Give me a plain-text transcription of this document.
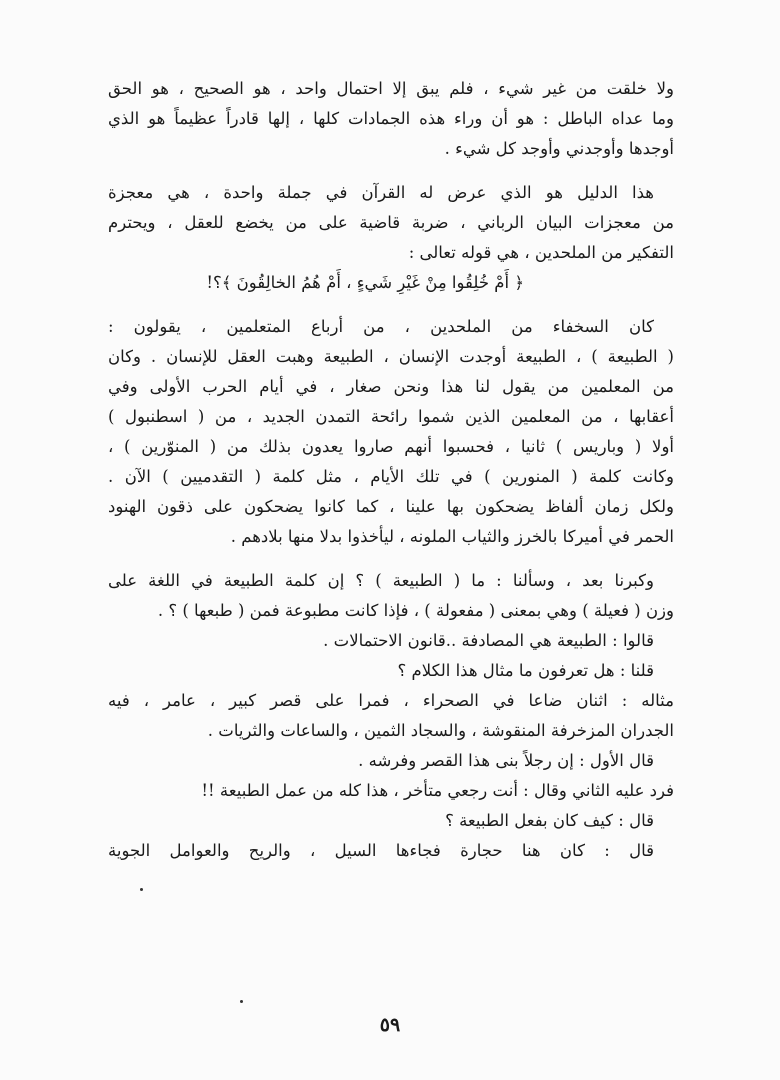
ولا خلقت من غير شيء ، فلم يبق إلا احتمال واحد ، هو الصحيح ، هو الحق
وما عداه الباطل : هو أن وراء هذه الجمادات كلها ، إلها قادراً عظيماً هو الذي
أوجدها وأوجدني وأوجد كل شيء .
هذا الدليل هو الذي عرض له القرآن في جملة واحدة ، هي معجزة
من معجزات البيان الرباني ، ضربة قاضية على من يخضع للعقل ، ويحترم
التفكير من الملحدين ، هي قوله تعالى :
﴿ أَمْ خُلِقُوا مِنْ غَيْرِ شَيءٍ ، أَمْ هُمُ الخالِقُونَ ﴾؟!
كان السخفاء من الملحدين ، من أرباع المتعلمين ، يقولون :
( الطبيعة ) ، الطبيعة أوجدت الإنسان ، الطبيعة وهبت العقل للإنسان . وكان
من المعلمين من يقول لنا هذا ونحن صغار ، في أيام الحرب الأولى وفي
أعقابها ، من المعلمين الذين شموا رائحة التمدن الجديد ، من ( اسطنبول )
أولا ( وباريس ) ثانيا ، فحسبوا أنهم صاروا يعدون بذلك من ( المنوّرين ) ،
وكانت كلمة ( المنورين ) في تلك الأيام ، مثل كلمة ( التقدميين ) الآن .
ولكل زمان ألفاظ يضحكون بها علينا ، كما كانوا يضحكون على ذقون الهنود
الحمر في أميركا بالخرز والثياب الملونه ، ليأخذوا بدلا منها بلادهم .
وكبرنا بعد ، وسألنا : ما ( الطبيعة ) ؟ إن كلمة الطبيعة في اللغة على
وزن ( فعيلة ) وهي بمعنى ( مفعولة ) ، فإذا كانت مطبوعة فمن ( طبعها ) ؟ .
قالوا : الطبيعة هي المصادفة ..قانون الاحتمالات .
قلنا : هل تعرفون ما مثال هذا الكلام ؟
مثاله : اثنان ضاعا في الصحراء ، فمرا على قصر كبير ، عامر ، فيه
الجدران المزخرفة المنقوشة ، والسجاد الثمين ، والساعات والثريات .
قال الأول : إن رجلاً بنى هذا القصر وفرشه .
فرد عليه الثاني وقال : أنت رجعي متأخر ، هذا كله من عمل الطبيعة !!
قال : كيف كان بفعل الطبيعة ؟
قال : كان هنا حجارة فجاءها السيل ، والريح والعوامل الجوية
٥٩
